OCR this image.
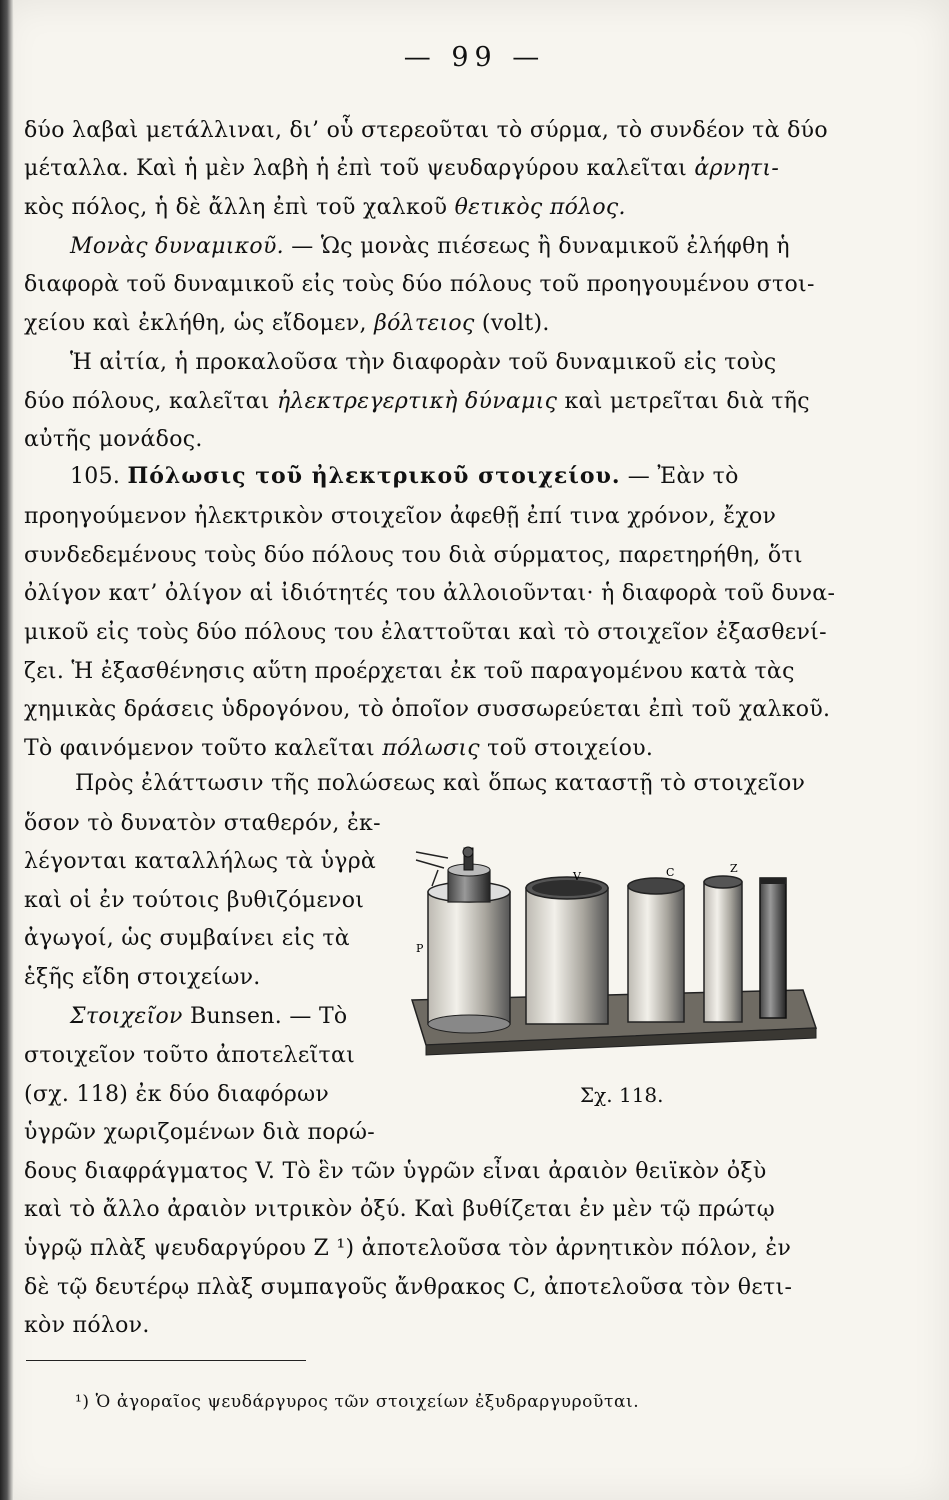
— 99 —
δύο λαβαὶ μετάλλιναι, δι’ οὗ στερεοῦται τὸ σύρμα, τὸ συνδέον τὰ δύο
μέταλλα. Καὶ ἡ μὲν λαβὴ ἡ ἐπὶ τοῦ ψευδαργύρου καλεῖται ἀρνητι-
κὸς πόλος, ἡ δὲ ἄλλη ἐπὶ τοῦ χαλκοῦ θετικὸς πόλος.
Μονὰς δυναμικοῦ. — Ὡς μονὰς πιέσεως ἢ δυναμικοῦ ἐλήφθη ἡ
διαφορὰ τοῦ δυναμικοῦ εἰς τοὺς δύο πόλους τοῦ προηγουμένου στοι-
χείου καὶ ἐκλήθη, ὡς εἴδομεν, βόλτειος (volt).
Ἡ αἰτία, ἡ προκαλοῦσα τὴν διαφορὰν τοῦ δυναμικοῦ εἰς τοὺς
δύο πόλους, καλεῖται ἠλεκτρεγερτικὴ δύναμις καὶ μετρεῖται διὰ τῆς
αὐτῆς μονάδος.
105. Πόλωσις τοῦ ἠλεκτρικοῦ στοιχείου. — Ἐὰν τὸ
προηγούμενον ἠλεκτρικὸν στοιχεῖον ἀφεθῇ ἐπί τινα χρόνον, ἔχον
συνδεδεμένους τοὺς δύο πόλους του διὰ σύρματος, παρετηρήθη, ὅτι
ὀλίγον κατ’ ὀλίγον αἱ ἰδιότητές του ἀλλοιοῦνται· ἡ διαφορὰ τοῦ δυνα-
μικοῦ εἰς τοὺς δύο πόλους του ἐλαττοῦται καὶ τὸ στοιχεῖον ἐξασθενί-
ζει. Ἡ ἐξασθένησις αὕτη προέρχεται ἐκ τοῦ παραγομένου κατὰ τὰς
χημικὰς δράσεις ὑδρογόνου, τὸ ὁποῖον συσσωρεύεται ἐπὶ τοῦ χαλκοῦ.
Τὸ φαινόμενον τοῦτο καλεῖται πόλωσις τοῦ στοιχείου.
Πρὸς ἐλάττωσιν τῆς πολώσεως καὶ ὅπως καταστῇ τὸ στοιχεῖον
ὅσον τὸ δυνατὸν σταθερόν, ἐκ-
λέγονται καταλλήλως τὰ ὑγρὰ
καὶ οἱ ἐν τούτοις βυθιζόμενοι
ἀγωγοί, ὡς συμβαίνει εἰς τὰ
ἑξῆς εἴδη στοιχείων.
Στοιχεῖον Bunsen. — Τὸ
στοιχεῖον τοῦτο ἀποτελεῖται
(σχ. 118) ἐκ δύο διαφόρων
ὑγρῶν χωριζομένων διὰ πορώ-
δους διαφράγματος V. Τὸ ἓν τῶν ὑγρῶν εἶναι ἀραιὸν θειϊκὸν ὀξὺ
καὶ τὸ ἄλλο ἀραιὸν νιτρικὸν ὀξύ. Καὶ βυθίζεται ἐν μὲν τῷ πρώτῳ
ὑγρῷ πλὰξ ψευδαργύρου Z ¹) ἀποτελοῦσα τὸν ἀρνητικὸν πόλον, ἐν
δὲ τῷ δευτέρῳ πλὰξ συμπαγοῦς ἄνθρακος C, ἀποτελοῦσα τὸν θετι-
κὸν πόλον.
P
V	C	Z
Σχ. 118.
¹) Ὁ ἀγοραῖος ψευδάργυρος τῶν στοιχείων ἐξυδραργυροῦται.
